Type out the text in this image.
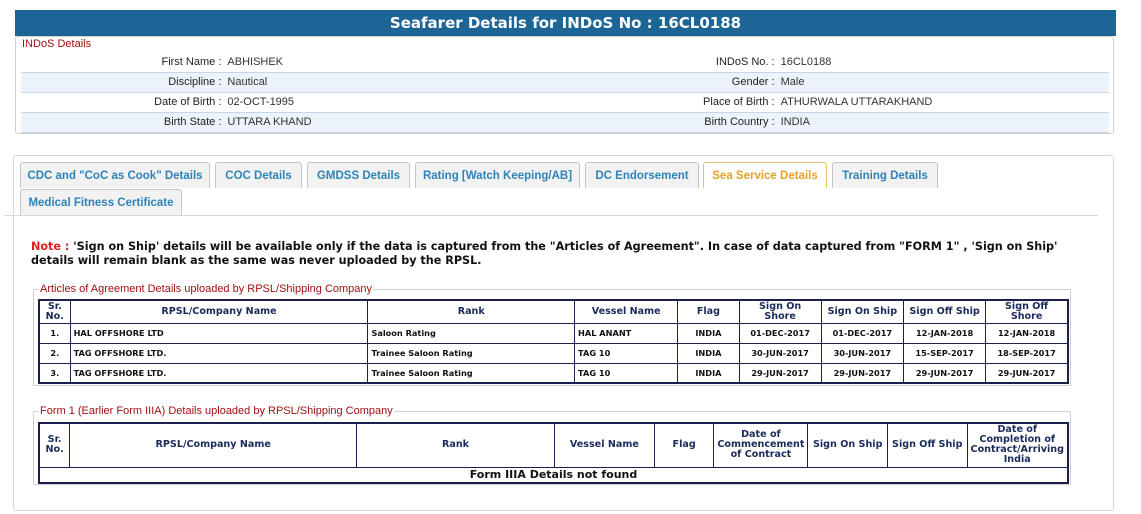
Seafarer Details for INDoS No : 16CL0188
INDoS Details
First Name :	ABHISHEK	INDoS No. :	16CL0188
Discipline :	Nautical	Gender :	Male
Date of Birth :	02-OCT-1995	Place of Birth :	ATHURWALA UTTARAKHAND
Birth State :	UTTARA KHAND	Birth Country :	INDIA
CDC and "CoC as Cook" Details	COC Details	GMDSS Details	Rating [Watch Keeping/AB]	DC Endorsement	Sea Service Details	Training Details
Medical Fitness Certificate
Note : 'Sign on Ship' details will be available only if the data is captured from the "Articles of Agreement". In case of data captured from "FORM 1" , 'Sign on Ship' details will remain blank as the same was never uploaded by the RPSL.
Articles of Agreement Details uploaded by RPSL/Shipping Company
Sr. No.	RPSL/Company Name	Rank	Vessel Name	Flag	Sign On Shore	Sign On Ship	Sign Off Ship	Sign Off Shore
1.	HAL OFFSHORE LTD	Saloon Rating	HAL ANANT	INDIA	01-DEC-2017	01-DEC-2017	12-JAN-2018	12-JAN-2018
2.	TAG OFFSHORE LTD.	Trainee Saloon Rating	TAG 10	INDIA	30-JUN-2017	30-JUN-2017	15-SEP-2017	18-SEP-2017
3.	TAG OFFSHORE LTD.	Trainee Saloon Rating	TAG 10	INDIA	29-JUN-2017	29-JUN-2017	29-JUN-2017	29-JUN-2017
Form 1 (Earlier Form IIIA) Details uploaded by RPSL/Shipping Company
Sr. No.	RPSL/Company Name	Rank	Vessel Name	Flag	Date of Commencement of Contract	Sign On Ship	Sign Off Ship	Date of Completion of Contract/Arriving India
Form IIIA Details not found
